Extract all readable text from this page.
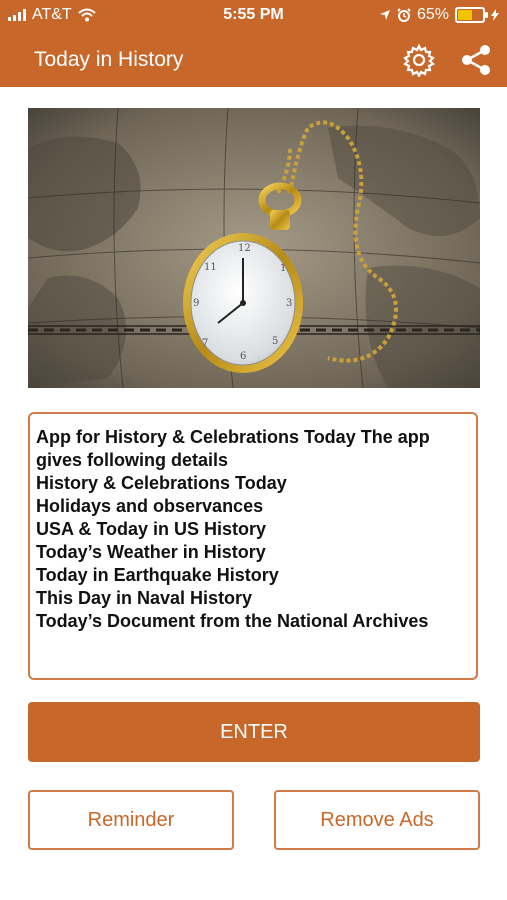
AT&T	5:55 PM	65%
Today in History
12
1
3
5
6
7
9
11
App for History & Celebrations Today The app
gives following details
History & Celebrations Today
Holidays and observances
USA & Today in US History
Today’s Weather in History
Today in Earthquake History
This Day in Naval History
Today’s Document from the National Archives
ENTER
Reminder	Remove Ads
